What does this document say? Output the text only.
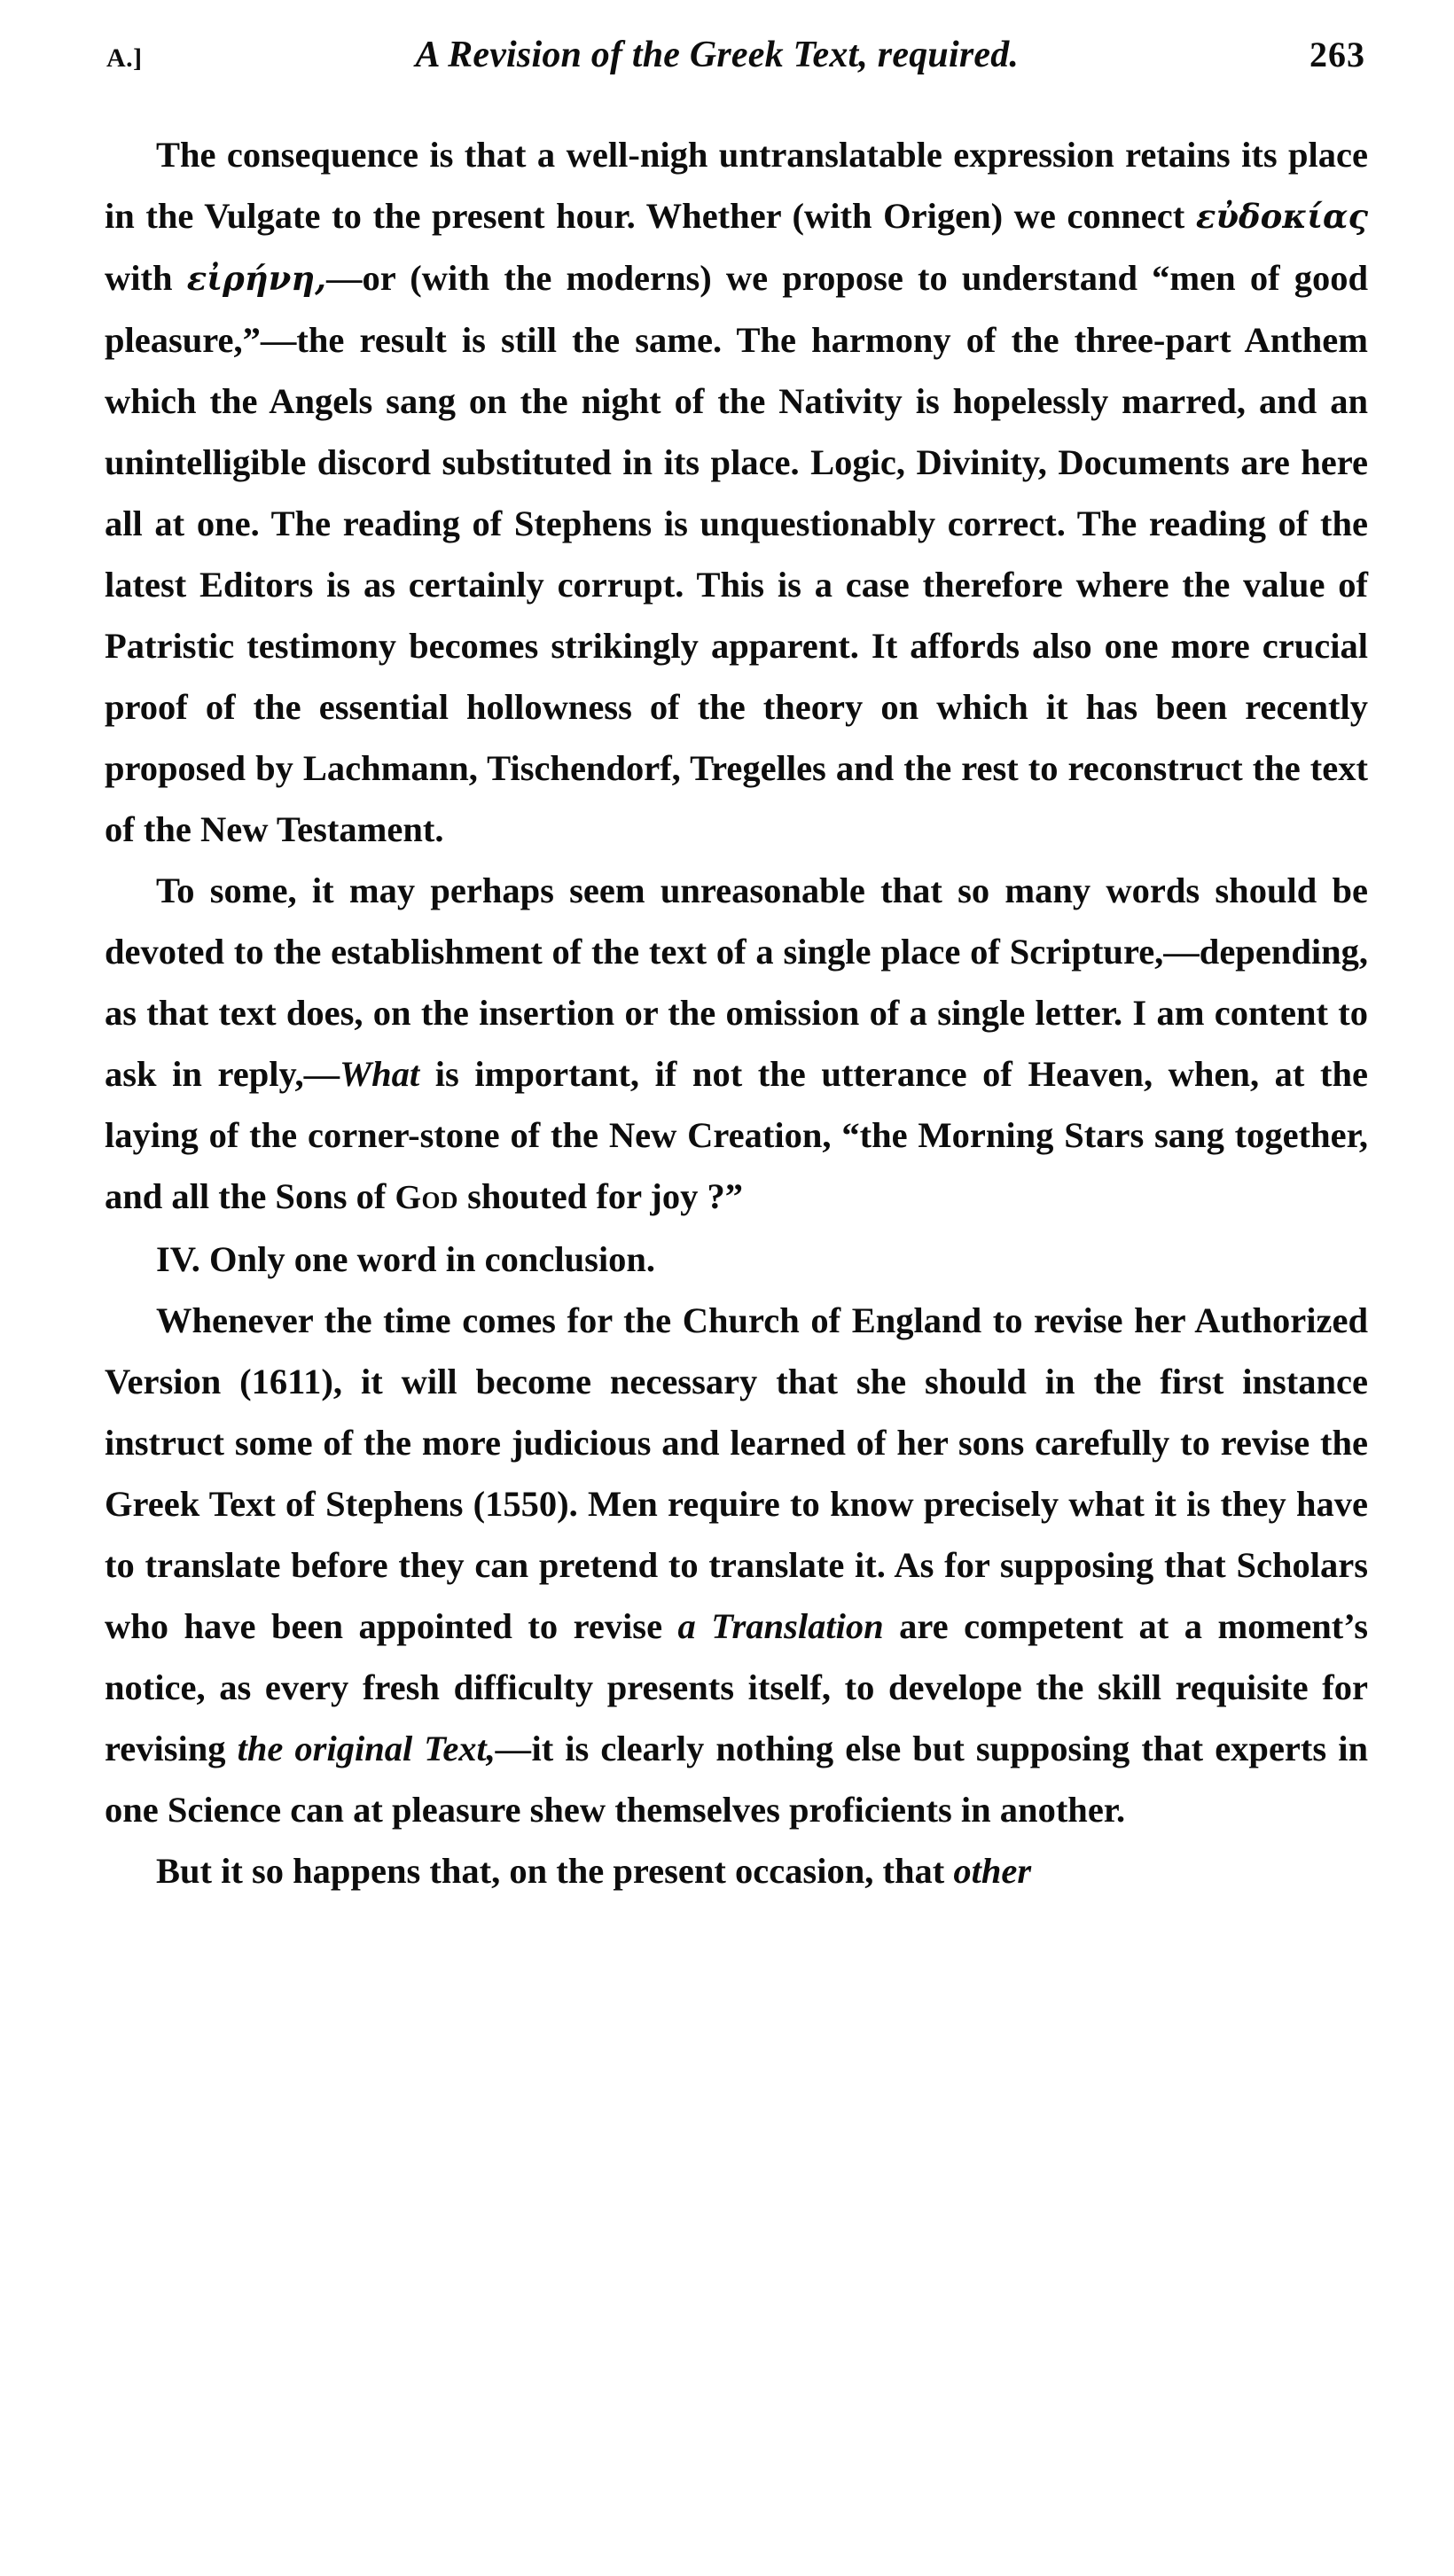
A.]	A Revision of the Greek Text, required.	263

The consequence is that a well-nigh untranslatable expression retains its place in the Vulgate to the present hour. Whether (with Origen) we connect εὐδοκίας with εἰρήνη,—or (with the moderns) we propose to understand “men of good pleasure,”—the result is still the same. The harmony of the three-part Anthem which the Angels sang on the night of the Nativity is hopelessly marred, and an unintelligible discord substituted in its place. Logic, Divinity, Documents are here all at one. The reading of Stephens is unquestionably correct. The reading of the latest Editors is as certainly corrupt. This is a case therefore where the value of Patristic testimony becomes strikingly apparent. It affords also one more crucial proof of the essential hollowness of the theory on which it has been recently proposed by Lachmann, Tischendorf, Tregelles and the rest to reconstruct the text of the New Testament.

To some, it may perhaps seem unreasonable that so many words should be devoted to the establishment of the text of a single place of Scripture,—depending, as that text does, on the insertion or the omission of a single letter. I am content to ask in reply,—What is important, if not the utterance of Heaven, when, at the laying of the corner-stone of the New Creation, “the Morning Stars sang together, and all the Sons of God shouted for joy ?”

IV. Only one word in conclusion.

Whenever the time comes for the Church of England to revise her Authorized Version (1611), it will become necessary that she should in the first instance instruct some of the more judicious and learned of her sons carefully to revise the Greek Text of Stephens (1550). Men require to know precisely what it is they have to translate before they can pretend to translate it. As for supposing that Scholars who have been appointed to revise a Translation are competent at a moment’s notice, as every fresh difficulty presents itself, to develope the skill requisite for revising the original Text,—it is clearly nothing else but supposing that experts in one Science can at pleasure shew themselves proficients in another.

But it so happens that, on the present occasion, that other
